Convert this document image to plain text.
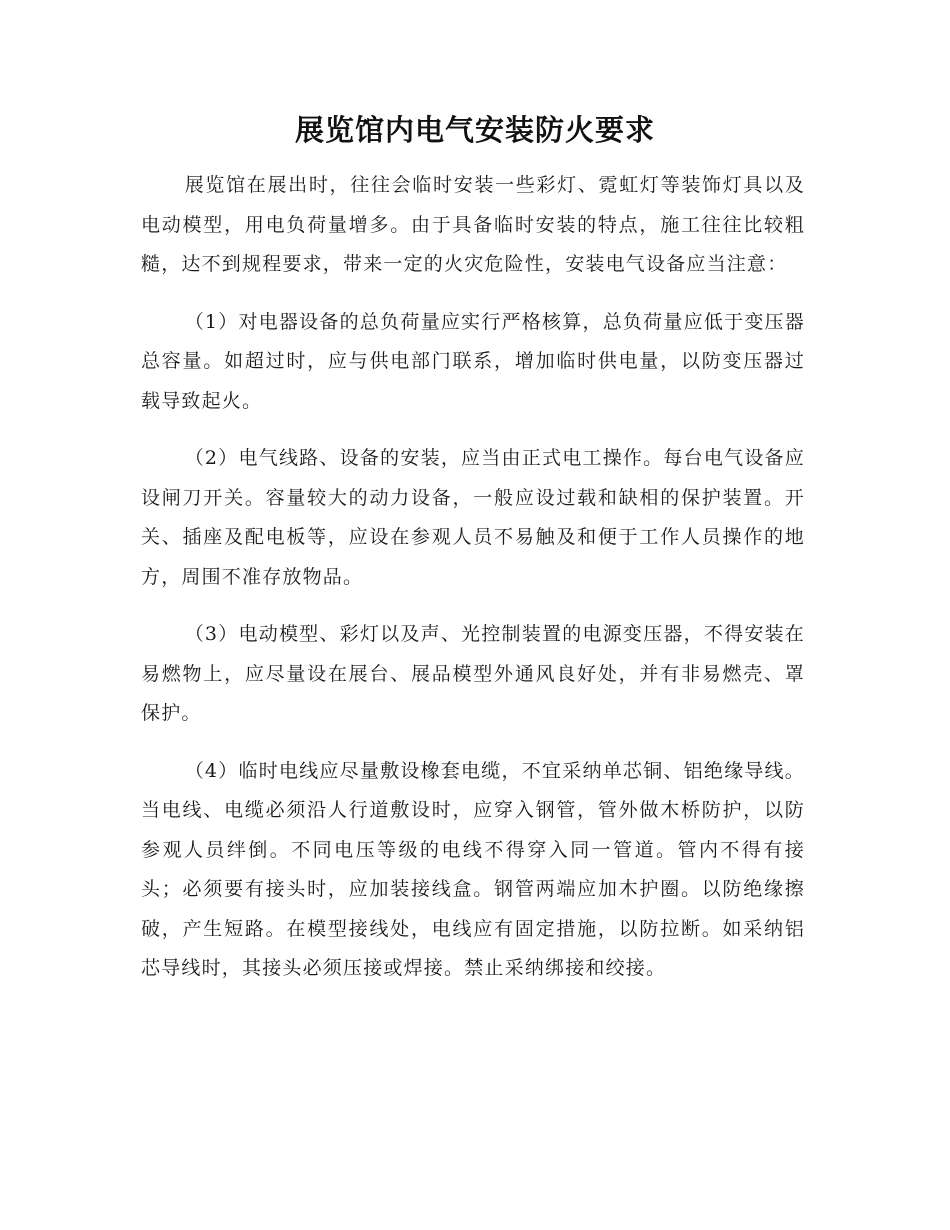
展览馆内电气安装防火要求

展览馆在展出时，往往会临时安装一些彩灯、霓虹灯等装饰灯具以及电动模型，用电负荷量增多。由于具备临时安装的特点，施工往往比较粗糙，达不到规程要求，带来一定的火灾危险性，安装电气设备应当注意：

（1）对电器设备的总负荷量应实行严格核算，总负荷量应低于变压器总容量。如超过时，应与供电部门联系，增加临时供电量，以防变压器过载导致起火。

（2）电气线路、设备的安装，应当由正式电工操作。每台电气设备应设闸刀开关。容量较大的动力设备，一般应设过载和缺相的保护装置。开关、插座及配电板等，应设在参观人员不易触及和便于工作人员操作的地方，周围不准存放物品。

（3）电动模型、彩灯以及声、光控制装置的电源变压器，不得安装在易燃物上，应尽量设在展台、展品模型外通风良好处，并有非易燃壳、罩保护。

（4）临时电线应尽量敷设橡套电缆，不宜采纳单芯铜、铝绝缘导线。当电线、电缆必须沿人行道敷设时，应穿入钢管，管外做木桥防护，以防参观人员绊倒。不同电压等级的电线不得穿入同一管道。管内不得有接头；必须要有接头时，应加装接线盒。钢管两端应加木护圈。以防绝缘擦破，产生短路。在模型接线处，电线应有固定措施，以防拉断。如采纳铝芯导线时，其接头必须压接或焊接。禁止采纳绑接和绞接。
